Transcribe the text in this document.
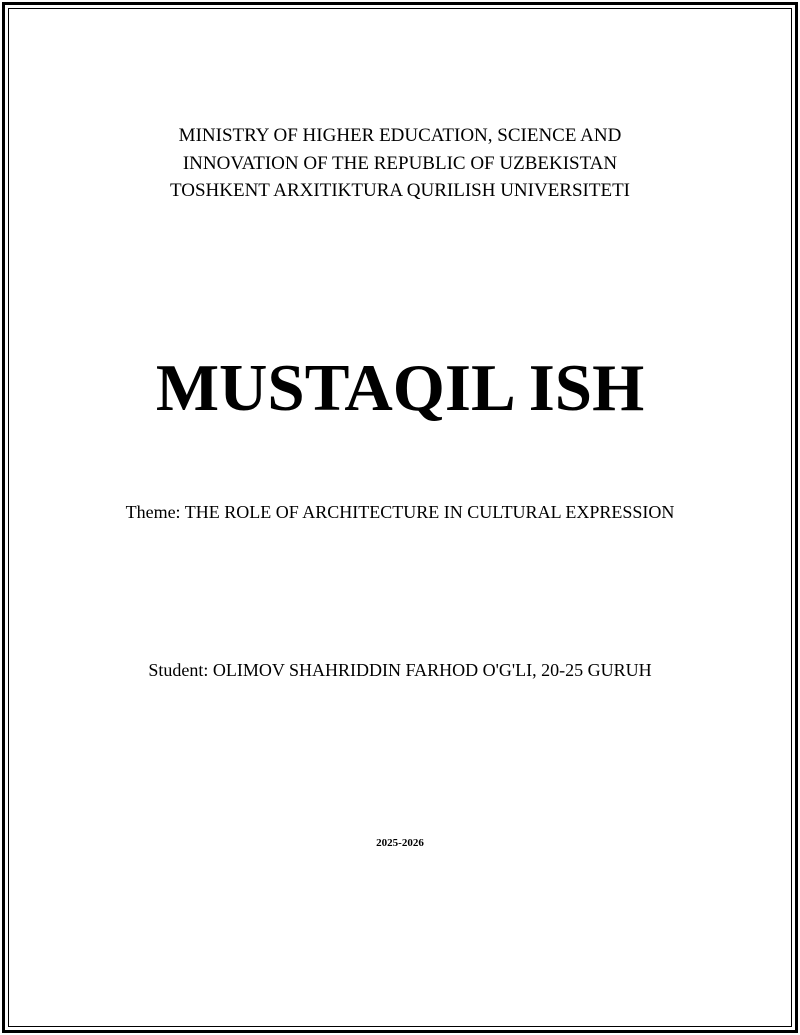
MINISTRY OF HIGHER EDUCATION, SCIENCE AND
INNOVATION OF THE REPUBLIC OF UZBEKISTAN
TOSHKENT ARXITIKTURA QURILISH UNIVERSITETI
MUSTAQIL ISH
Theme: THE ROLE OF ARCHITECTURE IN CULTURAL EXPRESSION
Student: OLIMOV SHAHRIDDIN FARHOD O'G'LI, 20-25 GURUH
2025-2026
